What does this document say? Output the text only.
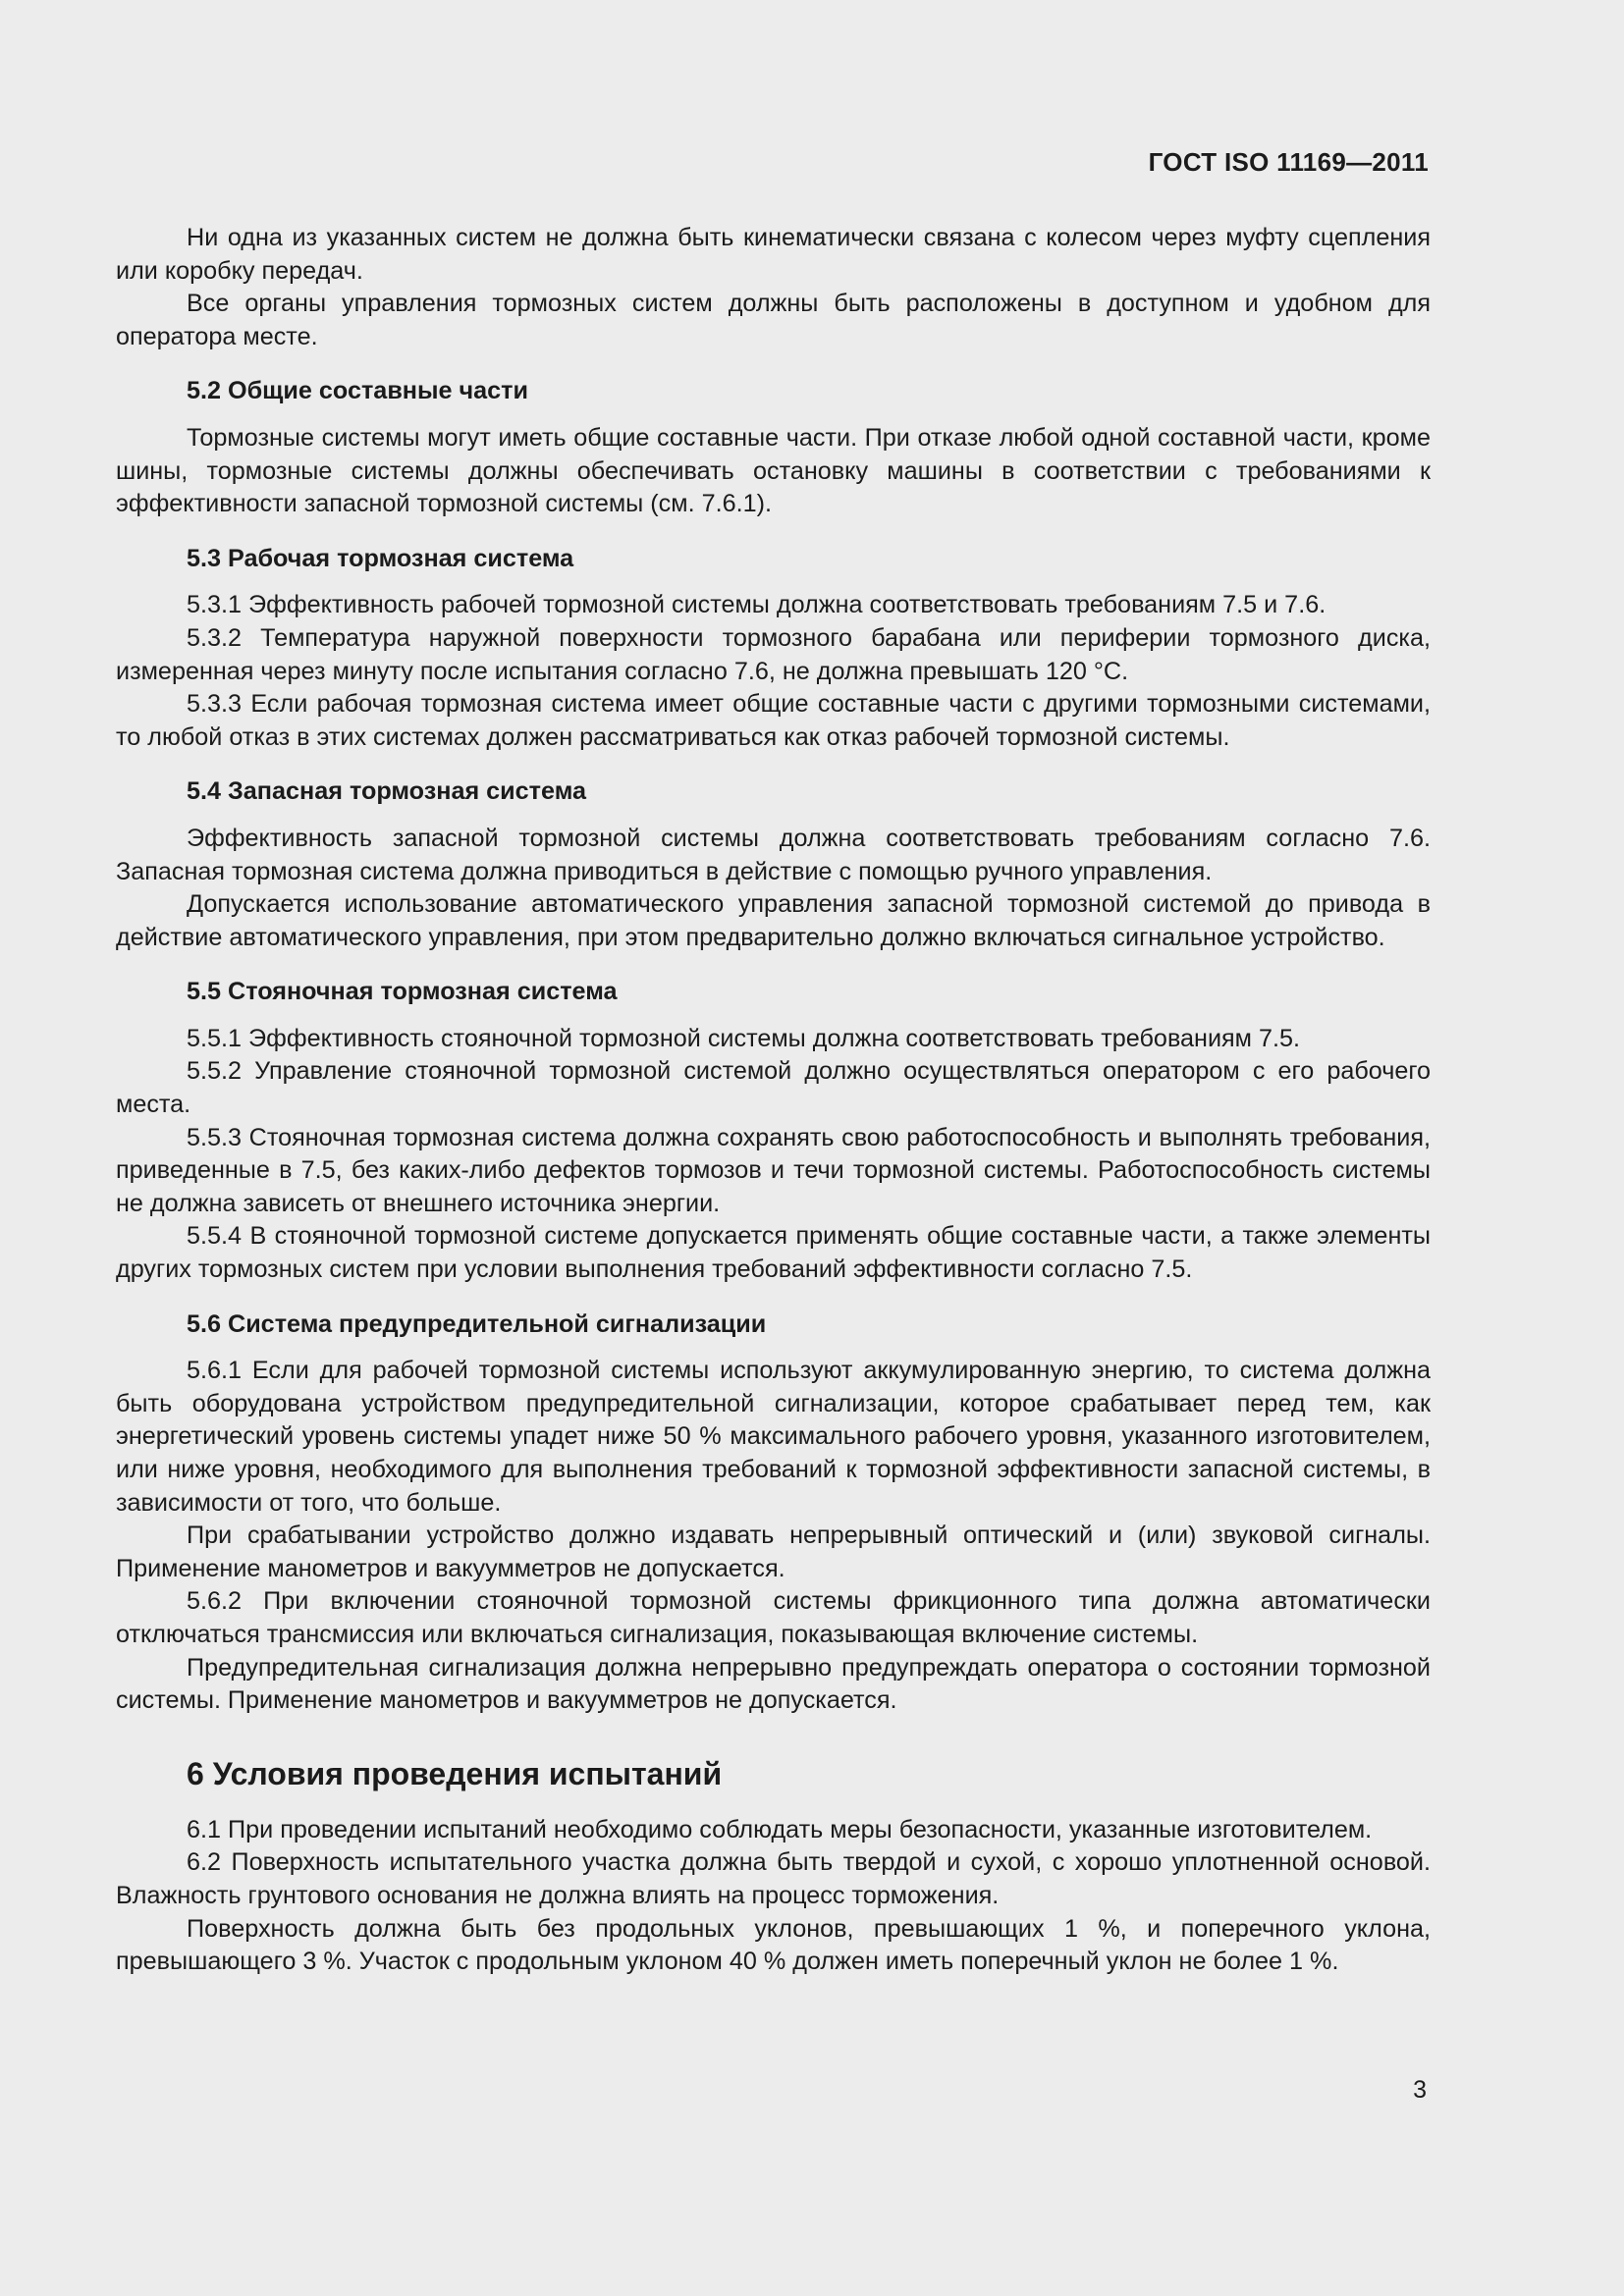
ГОСТ ISO 11169—2011
Ни одна из указанных систем не должна быть кинематически связана с колесом через муфту сцепления или коробку передач.
Все органы управления тормозных систем должны быть расположены в доступном и удобном для оператора месте.
5.2 Общие составные части
Тормозные системы могут иметь общие составные части. При отказе любой одной составной части, кроме шины, тормозные системы должны обеспечивать остановку машины в соответствии с требованиями к эффективности запасной тормозной системы (см. 7.6.1).
5.3 Рабочая тормозная система
5.3.1 Эффективность рабочей тормозной системы должна соответствовать требованиям 7.5 и 7.6.
5.3.2 Температура наружной поверхности тормозного барабана или периферии тормозного диска, измеренная через минуту после испытания согласно 7.6, не должна превышать 120 °C.
5.3.3 Если рабочая тормозная система имеет общие составные части с другими тормозными системами, то любой отказ в этих системах должен рассматриваться как отказ рабочей тормозной системы.
5.4 Запасная тормозная система
Эффективность запасной тормозной системы должна соответствовать требованиям согласно 7.6. Запасная тормозная система должна приводиться в действие с помощью ручного управления.
Допускается использование автоматического управления запасной тормозной системой до привода в действие автоматического управления, при этом предварительно должно включаться сигнальное устройство.
5.5 Стояночная тормозная система
5.5.1 Эффективность стояночной тормозной системы должна соответствовать требованиям 7.5.
5.5.2 Управление стояночной тормозной системой должно осуществляться оператором с его рабочего места.
5.5.3 Стояночная тормозная система должна сохранять свою работоспособность и выполнять требования, приведенные в 7.5, без каких-либо дефектов тормозов и течи тормозной системы. Работоспособность системы не должна зависеть от внешнего источника энергии.
5.5.4 В стояночной тормозной системе допускается применять общие составные части, а также элементы других тормозных систем при условии выполнения требований эффективности согласно 7.5.
5.6 Система предупредительной сигнализации
5.6.1 Если для рабочей тормозной системы используют аккумулированную энергию, то система должна быть оборудована устройством предупредительной сигнализации, которое срабатывает перед тем, как энергетический уровень системы упадет ниже 50 % максимального рабочего уровня, указанного изготовителем, или ниже уровня, необходимого для выполнения требований к тормозной эффективности запасной системы, в зависимости от того, что больше.
При срабатывании устройство должно издавать непрерывный оптический и (или) звуковой сигналы. Применение манометров и вакуумметров не допускается.
5.6.2 При включении стояночной тормозной системы фрикционного типа должна автоматически отключаться трансмиссия или включаться сигнализация, показывающая включение системы.
Предупредительная сигнализация должна непрерывно предупреждать оператора о состоянии тормозной системы. Применение манометров и вакуумметров не допускается.
6 Условия проведения испытаний
6.1 При проведении испытаний необходимо соблюдать меры безопасности, указанные изготовителем.
6.2 Поверхность испытательного участка должна быть твердой и сухой, с хорошо уплотненной основой. Влажность грунтового основания не должна влиять на процесс торможения.
Поверхность должна быть без продольных уклонов, превышающих 1 %, и поперечного уклона, превышающего 3 %. Участок с продольным уклоном 40 % должен иметь поперечный уклон не более 1 %.
3
